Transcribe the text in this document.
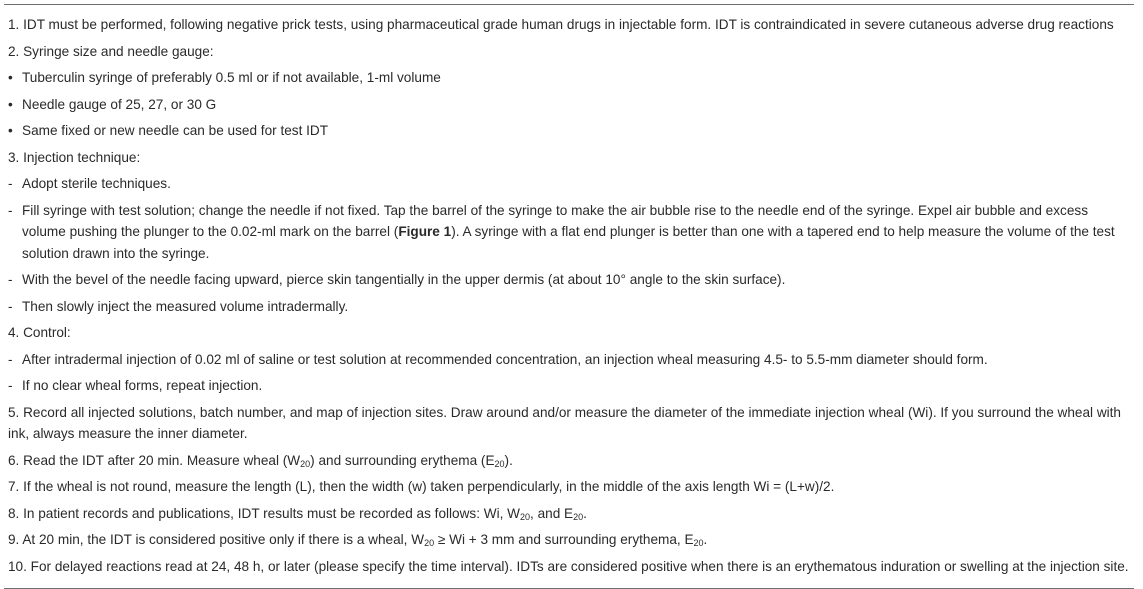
1. IDT must be performed, following negative prick tests, using pharmaceutical grade human drugs in injectable form. IDT is contraindicated in severe cutaneous adverse drug reactions
2. Syringe size and needle gauge:
• Tuberculin syringe of preferably 0.5 ml or if not available, 1-ml volume
• Needle gauge of 25, 27, or 30 G
• Same fixed or new needle can be used for test IDT
3. Injection technique:
- Adopt sterile techniques.
- Fill syringe with test solution; change the needle if not fixed. Tap the barrel of the syringe to make the air bubble rise to the needle end of the syringe. Expel air bubble and excess volume pushing the plunger to the 0.02-ml mark on the barrel (Figure 1). A syringe with a flat end plunger is better than one with a tapered end to help measure the volume of the test solution drawn into the syringe.
- With the bevel of the needle facing upward, pierce skin tangentially in the upper dermis (at about 10° angle to the skin surface).
- Then slowly inject the measured volume intradermally.
4. Control:
- After intradermal injection of 0.02 ml of saline or test solution at recommended concentration, an injection wheal measuring 4.5- to 5.5-mm diameter should form.
- If no clear wheal forms, repeat injection.
5. Record all injected solutions, batch number, and map of injection sites. Draw around and/or measure the diameter of the immediate injection wheal (Wi). If you surround the wheal with ink, always measure the inner diameter.
6. Read the IDT after 20 min. Measure wheal $(W_{20})$ and surrounding erythema $(E_{20})$.
7. If the wheal is not round, measure the length (L), then the width (w) taken perpendicularly, in the middle of the axis length Wi = (L+w)/2.
8. In patient records and publications, IDT results must be recorded as follows: Wi, $W_{20}$, and $E_{20}$.
9. At 20 min, the IDT is considered positive only if there is a wheal, $W_{20} \ge Wi + 3$ mm and surrounding erythema, $E_{20}$.
10. For delayed reactions read at 24, 48 h, or later (please specify the time interval). IDTs are considered positive when there is an erythematous induration or swelling at the injection site.
